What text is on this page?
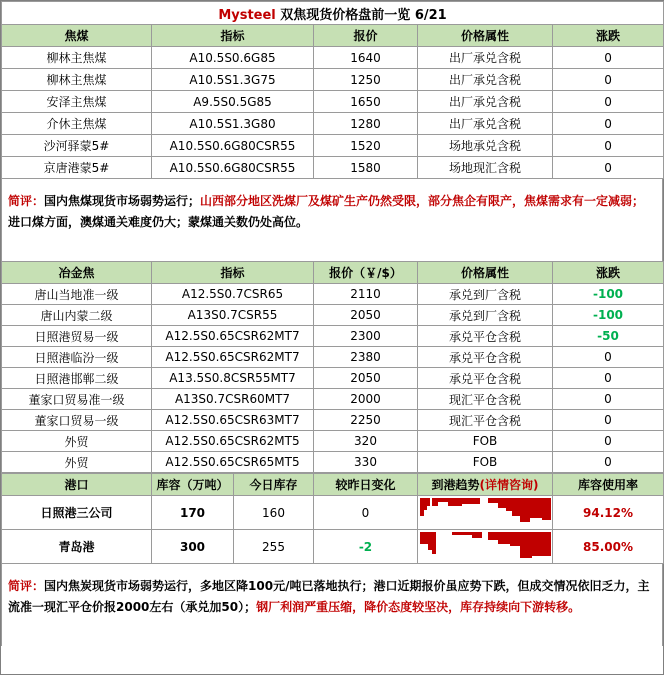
Mysteel 双焦现货价格盘前一览 6/21				
焦煤	指标	报价	价格属性	涨跌
柳林主焦煤	A10.5S0.6G85	1640	出厂承兑含税	0
柳林主焦煤	A10.5S1.3G75	1250	出厂承兑含税	0
安泽主焦煤	A9.5S0.5G85	1650	出厂承兑含税	0
介休主焦煤	A10.5S1.3G80	1280	出厂承兑含税	0
沙河驿蒙5#	A10.5S0.6G80CSR55	1520	场地承兑含税	0
京唐港蒙5#	A10.5S0.6G80CSR55	1580	场地现汇含税	0
简评：国内焦煤现货市场弱势运行；山西部分地区洗煤厂及煤矿生产仍然受限，部分焦企有限产，焦煤需求有一定减弱；进口煤方面，澳煤通关难度仍大；蒙煤通关数仍处高位。
冶金焦	指标	报价（￥/$）	价格属性	涨跌
唐山当地准一级	A12.5S0.7CSR65	2110	承兑到厂含税	-100
唐山内蒙二级	A13S0.7CSR55	2050	承兑到厂含税	-100
日照港贸易一级	A12.5S0.65CSR62MT7	2300	承兑平仓含税	-50
日照港临汾一级	A12.5S0.65CSR62MT7	2380	承兑平仓含税	0
日照港邯郸二级	A13.5S0.8CSR55MT7	2050	承兑平仓含税	0
董家口贸易准一级	A13S0.7CSR60MT7	2000	现汇平仓含税	0
董家口贸易一级	A12.5S0.65CSR63MT7	2250	现汇平仓含税	0
外贸	A12.5S0.65CSR62MT5	320	FOB	0
外贸	A12.5S0.65CSR65MT5	330	FOB	0
港口	库容（万吨）	今日库存	较昨日变化	到港趋势(详情咨询)	库容使用率
日照港三公司	170	160	0		94.12%
青岛港	300	255	-2		85.00%
简评：国内焦炭现货市场弱势运行，多地区降100元/吨已落地执行；港口近期报价虽应势下跌，但成交情况依旧乏力，主流准一现汇平仓价报2000左右（承兑加50）；钢厂利润严重压缩，降价态度较坚决，库存持续向下游转移。
